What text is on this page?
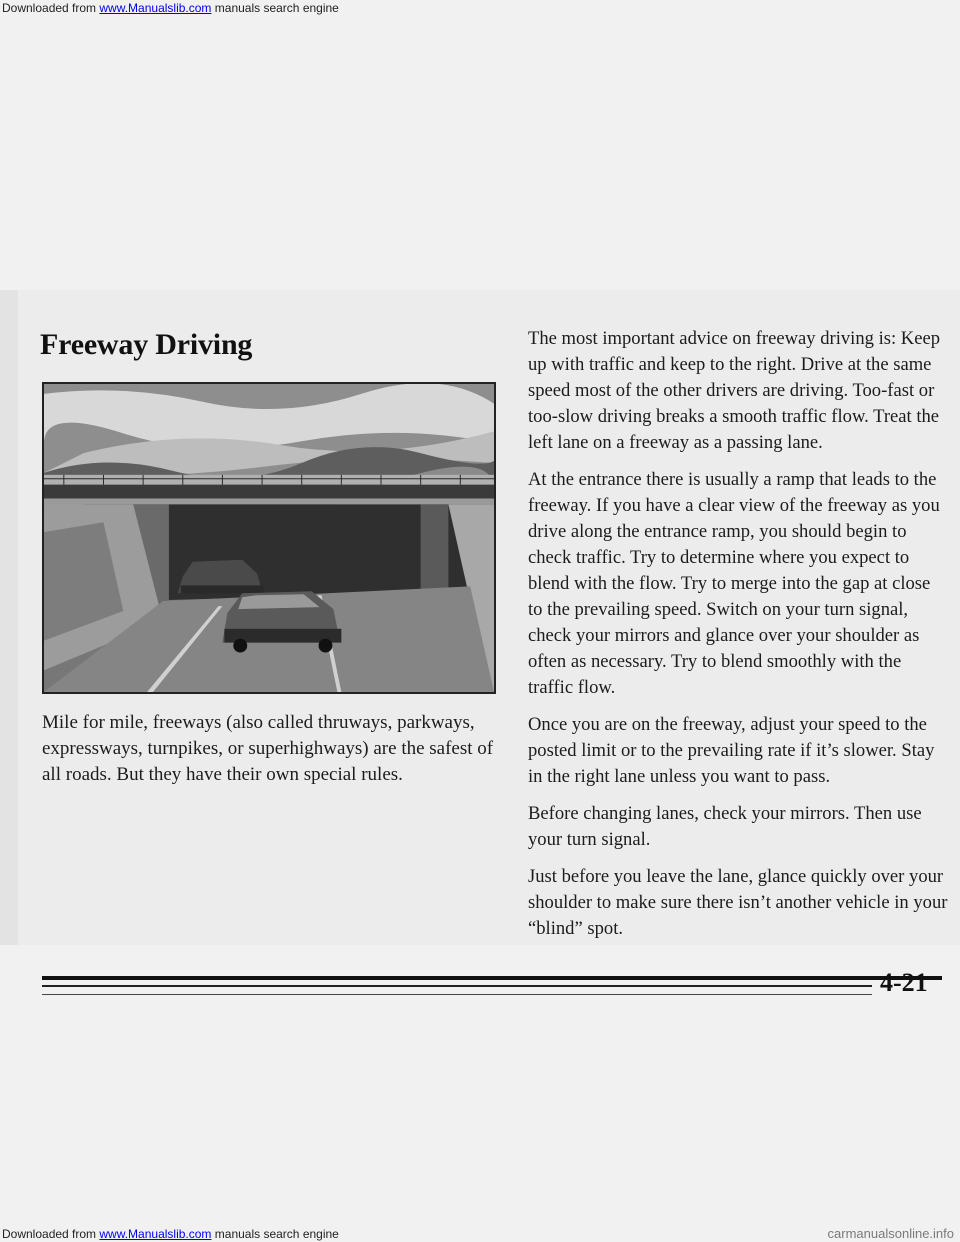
Downloaded from www.Manualslib.com manuals search engine
Freeway Driving

Mile for mile, freeways (also called thruways, parkways, expressways, turnpikes, or superhighways) are the safest of all roads. But they have their own special rules.

The most important advice on freeway driving is: Keep up with traffic and keep to the right. Drive at the same speed most of the other drivers are driving. Too-fast or too-slow driving breaks a smooth traffic flow. Treat the left lane on a freeway as a passing lane.

At the entrance there is usually a ramp that leads to the freeway. If you have a clear view of the freeway as you drive along the entrance ramp, you should begin to check traffic. Try to determine where you expect to blend with the flow. Try to merge into the gap at close to the prevailing speed. Switch on your turn signal, check your mirrors and glance over your shoulder as often as necessary. Try to blend smoothly with the traffic flow.

Once you are on the freeway, adjust your speed to the posted limit or to the prevailing rate if it’s slower. Stay in the right lane unless you want to pass.

Before changing lanes, check your mirrors. Then use your turn signal.

Just before you leave the lane, glance quickly over your shoulder to make sure there isn’t another vehicle in your “blind” spot.

4-21
Downloaded from www.Manualslib.com manuals search engine	carmanualsonline.info
